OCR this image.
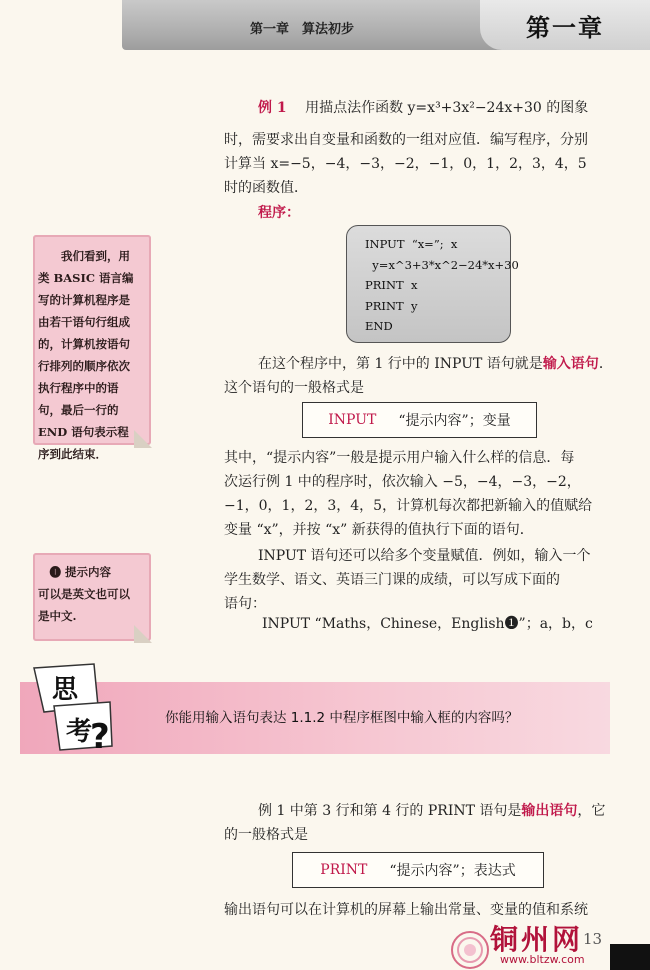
第一章　算法初步	第一章
例 1 用描点法作函数 y=x³+3x²−24x+30 的图象
时，需要求出自变量和函数的一组对应值．编写程序，分别
计算当 x=−5，−4，−3，−2，−1，0，1，2，3，4，5
时的函数值．
程序：
INPUT  “x=”;  x
y=x^3+3*x^2−24*x+30
PRINT  x
PRINT  y
END
在这个程序中，第 1 行中的 INPUT 语句就是输入语句．
这个语句的一般格式是
INPUT “提示内容”；变量
其中，“提示内容”一般是提示用户输入什么样的信息．每
次运行例 1 中的程序时，依次输入 −5，−4，−3，−2，
−1，0，1，2，3，4，5，计算机每次都把新输入的值赋给
变量 “x”，并按 “x” 新获得的值执行下面的语句．
INPUT 语句还可以给多个变量赋值．例如，输入一个
学生数学、语文、英语三门课的成绩，可以写成下面的
语句：
INPUT “Maths，Chinese，English❶”；a，b，c
　　我们看到，用
类 BASIC 语言编
写的计算机程序是
由若干语句行组成
的，计算机按语句
行排列的顺序依次
执行程序中的语
句，最后一行的
END 语句表示程
序到此结束．
　❶ 提示内容
可以是英文也可以
是中文.
思
考
?	你能用输入语句表达 1.1.2 中程序框图中输入框的内容吗？
例 1 中第 3 行和第 4 行的 PRINT 语句是输出语句，它
的一般格式是
PRINT “提示内容”；表达式
输出语句可以在计算机的屏幕上输出常量、变量的值和系统
铜州网
www.bltzw.com
13
